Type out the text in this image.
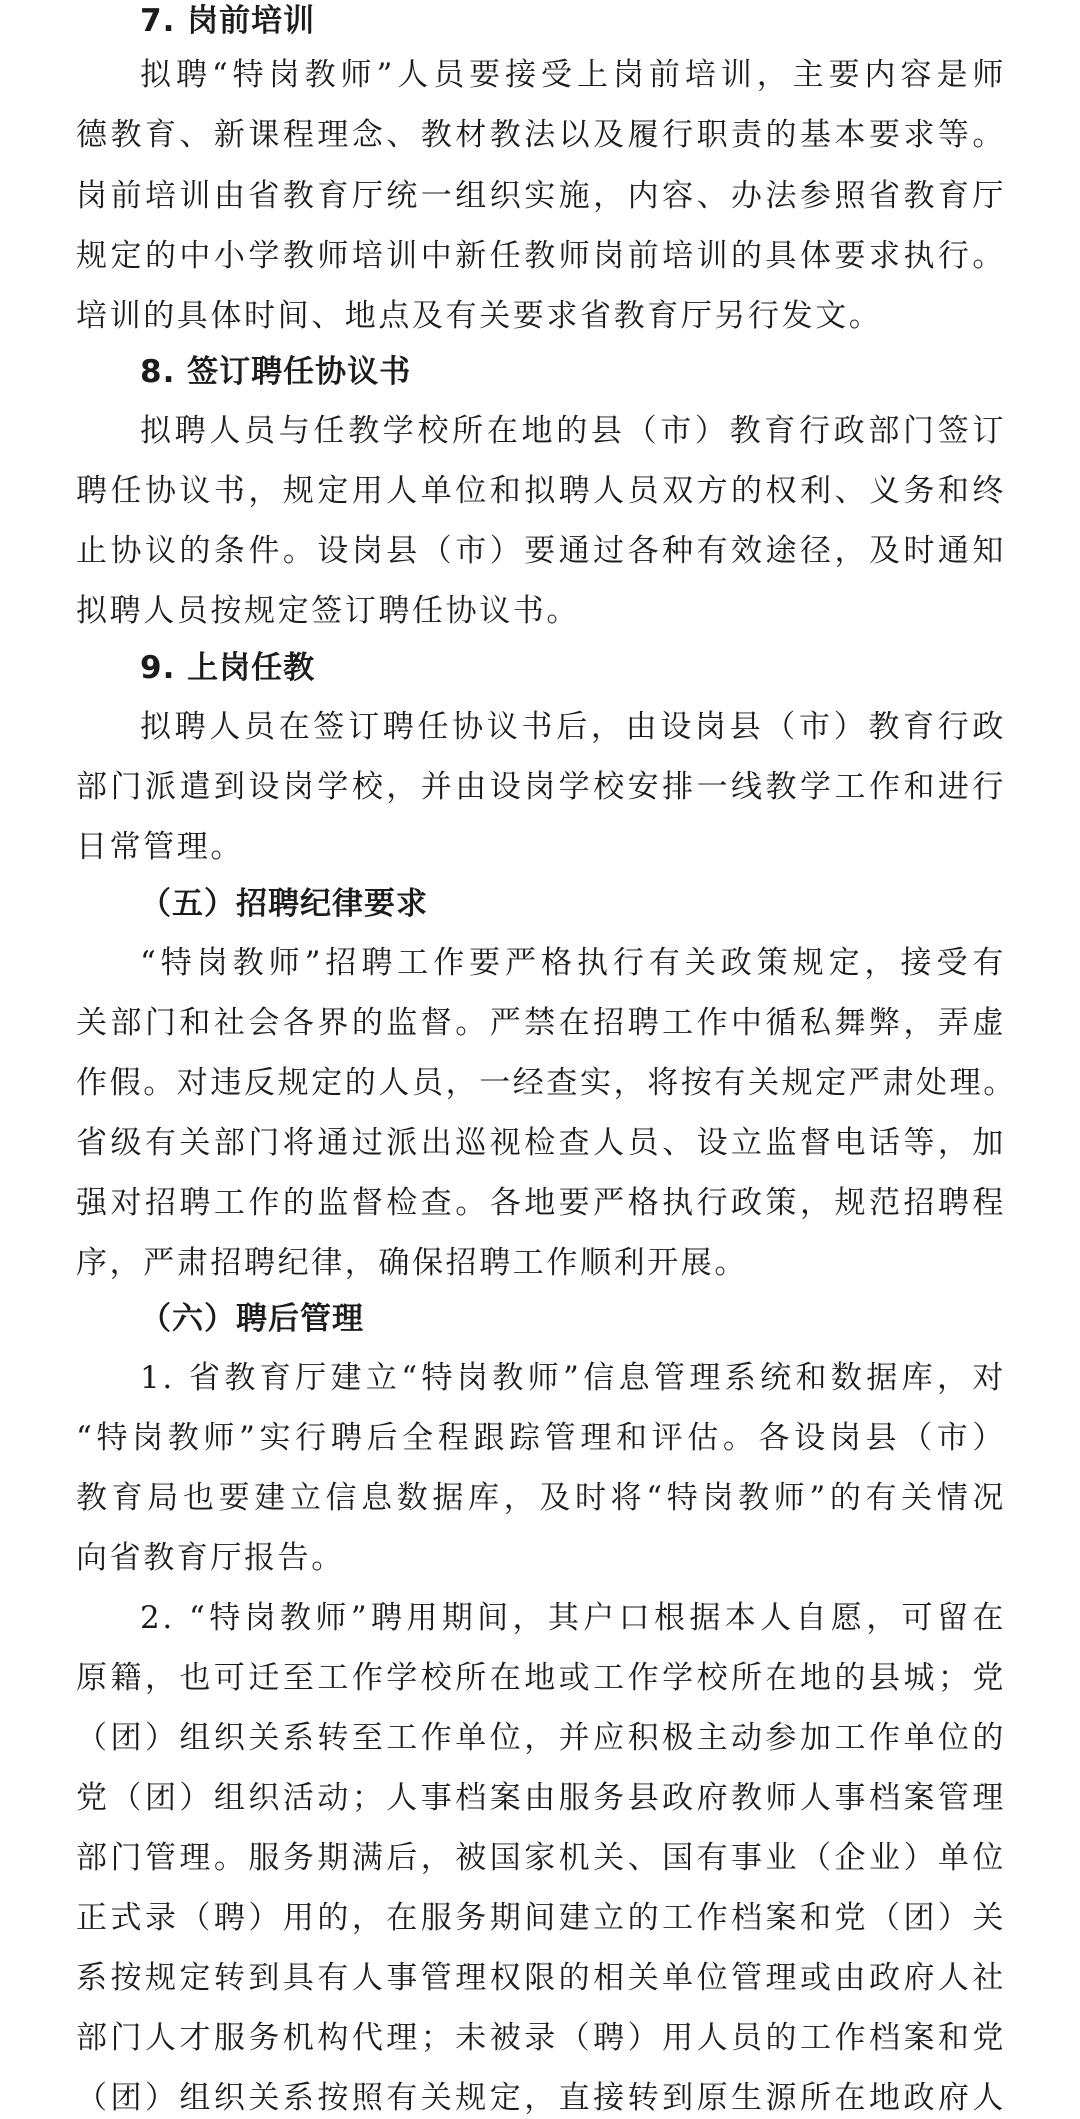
7. 岗前培训
拟聘“特岗教师”人员要接受上岗前培训，主要内容是师
德教育、新课程理念、教材教法以及履行职责的基本要求等。
岗前培训由省教育厅统一组织实施，内容、办法参照省教育厅
规定的中小学教师培训中新任教师岗前培训的具体要求执行。
培训的具体时间、地点及有关要求省教育厅另行发文。
8. 签订聘任协议书
拟聘人员与任教学校所在地的县（市）教育行政部门签订
聘任协议书，规定用人单位和拟聘人员双方的权利、义务和终
止协议的条件。设岗县（市）要通过各种有效途径，及时通知
拟聘人员按规定签订聘任协议书。
9. 上岗任教
拟聘人员在签订聘任协议书后，由设岗县（市）教育行政
部门派遣到设岗学校，并由设岗学校安排一线教学工作和进行
日常管理。
（五）招聘纪律要求
“特岗教师”招聘工作要严格执行有关政策规定，接受有
关部门和社会各界的监督。严禁在招聘工作中循私舞弊，弄虚
作假。对违反规定的人员，一经查实，将按有关规定严肃处理。
省级有关部门将通过派出巡视检查人员、设立监督电话等，加
强对招聘工作的监督检查。各地要严格执行政策，规范招聘程
序，严肃招聘纪律，确保招聘工作顺利开展。
（六）聘后管理
1. 省教育厅建立“特岗教师”信息管理系统和数据库，对
“特岗教师”实行聘后全程跟踪管理和评估。各设岗县（市）
教育局也要建立信息数据库，及时将“特岗教师”的有关情况
向省教育厅报告。
2. “特岗教师”聘用期间，其户口根据本人自愿，可留在
原籍，也可迁至工作学校所在地或工作学校所在地的县城；党
（团）组织关系转至工作单位，并应积极主动参加工作单位的
党（团）组织活动；人事档案由服务县政府教师人事档案管理
部门管理。服务期满后，被国家机关、国有事业（企业）单位
正式录（聘）用的，在服务期间建立的工作档案和党（团）关
系按规定转到具有人事管理权限的相关单位管理或由政府人社
部门人才服务机构代理；未被录（聘）用人员的工作档案和党
（团）组织关系按照有关规定，直接转到原生源所在地政府人
